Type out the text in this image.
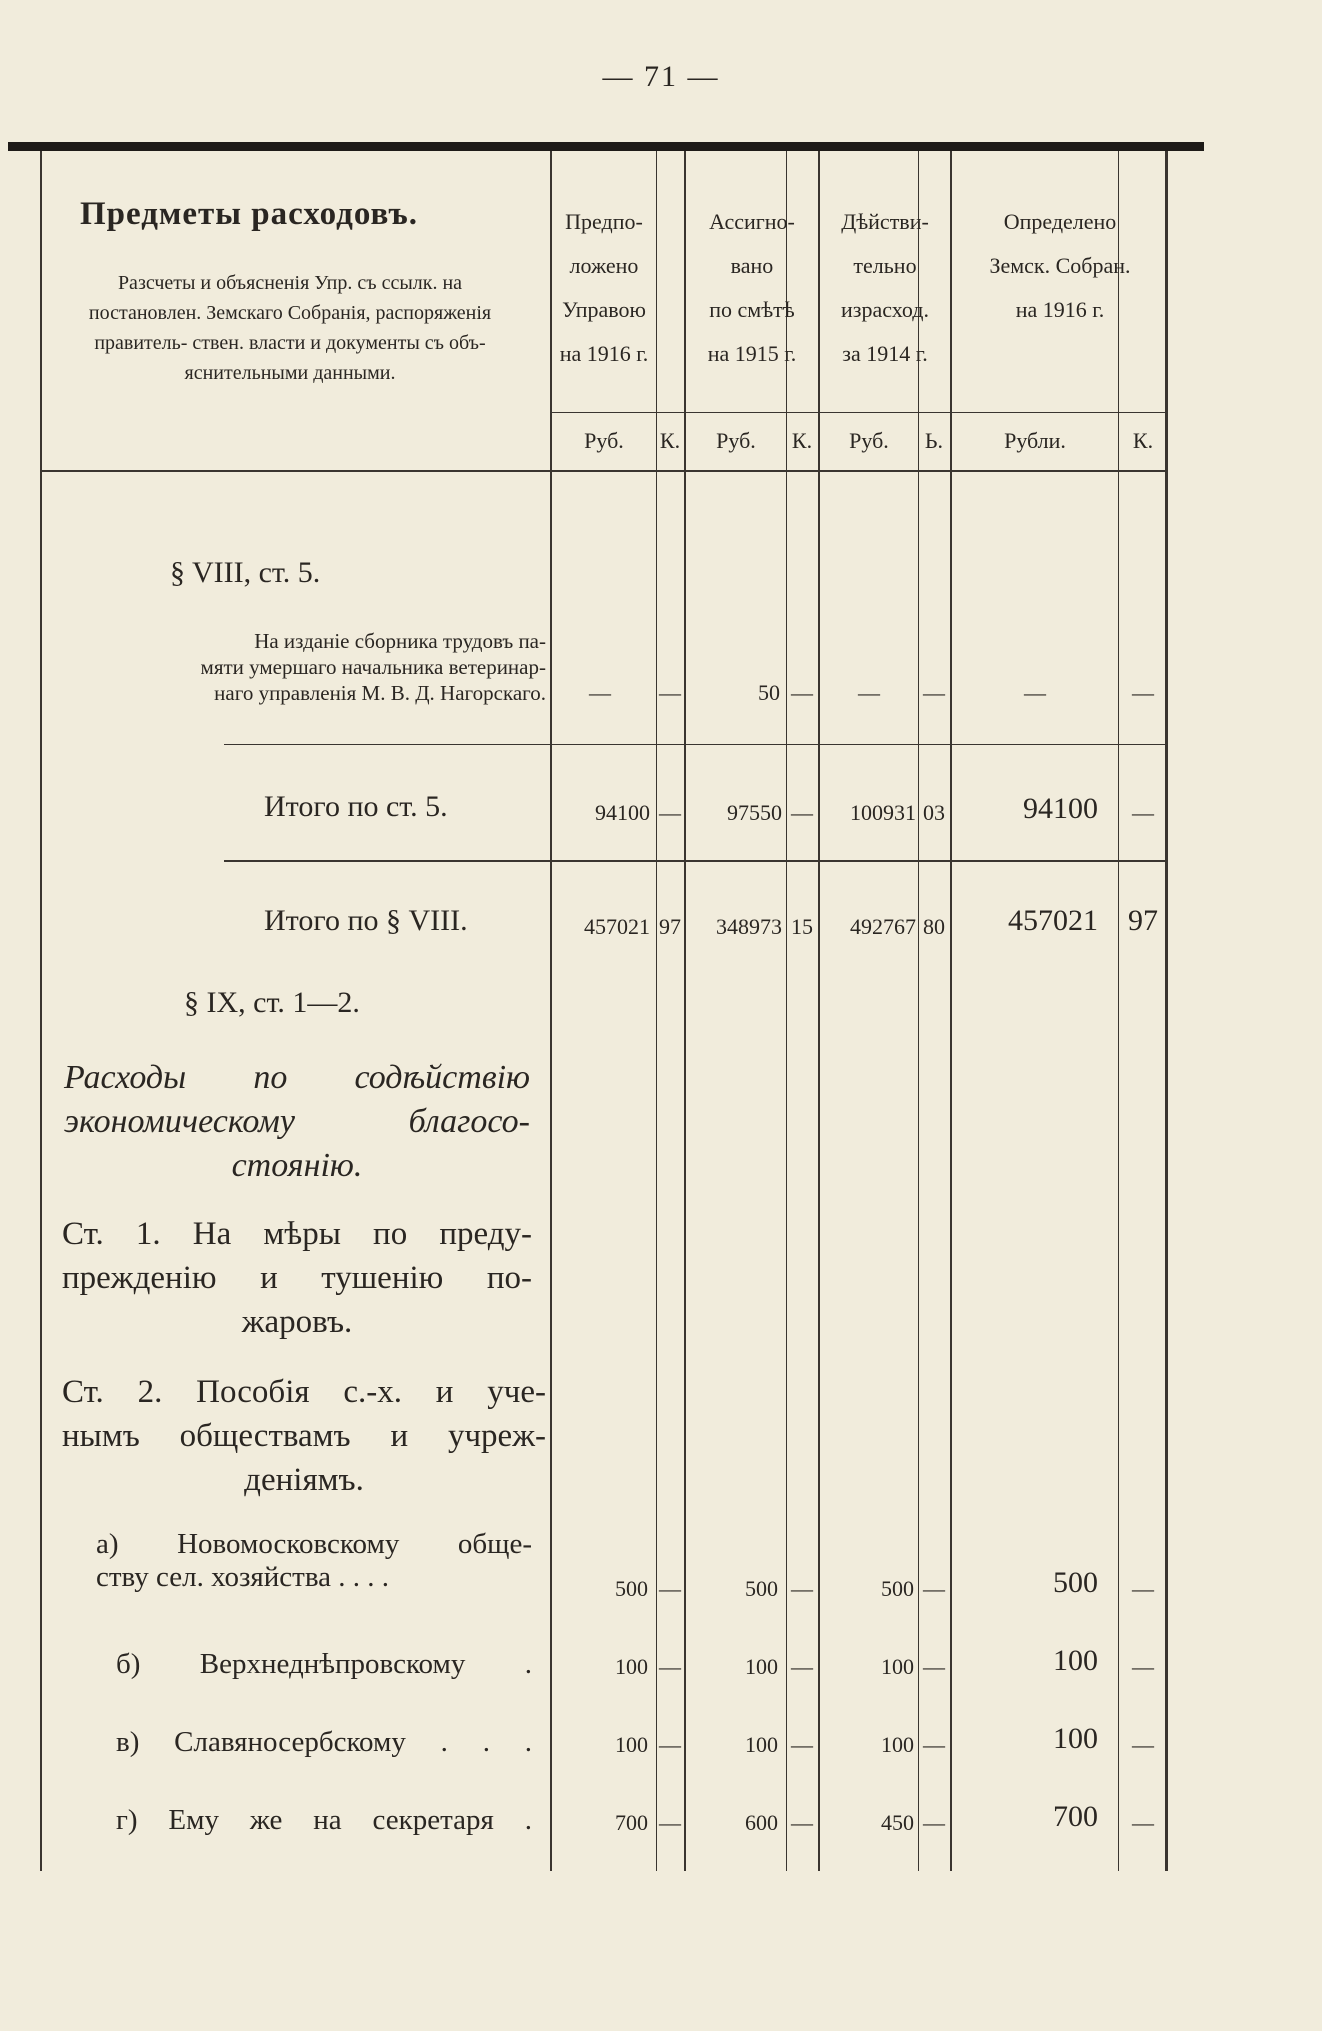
— 71 —
Предметы расходовъ.
Разсчеты и объясненія Упр. съ ссылк. на постановлен. Земскаго Собранія, распоряженія правитель- ствен. власти и документы съ объ- яснительными данными.
Предпо-
ложено
Управою
на 1916 г.
Ассигно-
вано
по смѣтѣ
на 1915 г.
Дѣйстви-
тельно
израсход.
за 1914 г.
Определено
Земск. Собран.
на 1916 г.
Руб.	К.	Руб.	К.	Руб.	Ь.	Рубли.	К.
§ VIII, ст. 5.
На изданіе сборника трудовъ па-
мяти умершаго начальника ветеринар-
наго управленія М. В. Д. Нагорскаго.	—	—	50 —	—	—	—	—
Итого по ст. 5.	94100 —	97550 —	100931 03	94100	—
Итого по § VIII.	457021 97	348973 15	492767 80	457021	97
§ IX, ст. 1—2.
Расходы по содѣйствію
экономическому благосо-
стоянію.
Ст. 1. На мѣры по преду-
прежденію и тушенію по-
жаровъ.
Ст. 2. Пособія с.-х. и уче-
нымъ обществамъ и учреж-
деніямъ.
а) Новомосковскому обще-
ству сел. хозяйства . . . .	500 —	500 —	500 —	500	—
б) Верхнеднѣпровскому .	100 —	100 —	100 —	100	—
в) Славяносербскому . . .	100 —	100 —	100 —	100	—
г) Ему же на секретаря .	700 —	600 —	450 —	700	—
